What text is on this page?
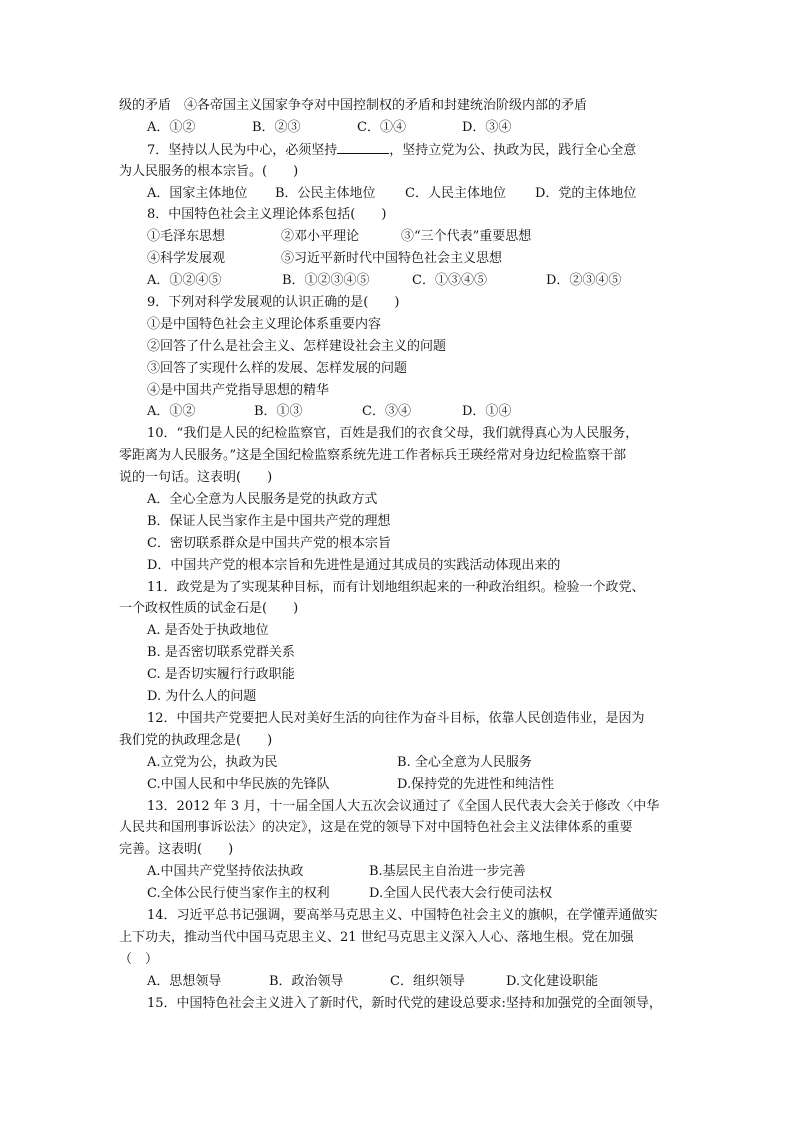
级的矛盾　④各帝国主义国家争夺对中国控制权的矛盾和封建统治阶级内部的矛盾
A．①②	B．②③	C．①④	D．③④
7．坚持以人民为中心，必须坚持	，坚持立党为公、执政为民，践行全心全意
为人民服务的根本宗旨。(　　)
A．国家主体地位	B．公民主体地位	C．人民主体地位	D．党的主体地位
8．中国特色社会主义理论体系包括(　　)
①毛泽东思想	②邓小平理论	③“三个代表”重要思想
④科学发展观	⑤习近平新时代中国特色社会主义思想
A．①②④⑤	B．①②③④⑤	C．①③④⑤	D．②③④⑤
9．下列对科学发展观的认识正确的是(　　)
①是中国特色社会主义理论体系重要内容
②回答了什么是社会主义、怎样建设社会主义的问题
③回答了实现什么样的发展、怎样发展的问题
④是中国共产党指导思想的精华
A．①②	B．①③	C．③④	D．①④
10．“我们是人民的纪检监察官，百姓是我们的衣食父母，我们就得真心为人民服务，
零距离为人民服务。”这是全国纪检监察系统先进工作者标兵王瑛经常对身边纪检监察干部
说的一句话。这表明(　　)
A．全心全意为人民服务是党的执政方式
B．保证人民当家作主是中国共产党的理想
C．密切联系群众是中国共产党的根本宗旨
D．中国共产党的根本宗旨和先进性是通过其成员的实践活动体现出来的
11．政党是为了实现某种目标，而有计划地组织起来的一种政治组织。检验一个政党、
一个政权性质的试金石是(　　)
A. 是否处于执政地位
B. 是否密切联系党群关系
C. 是否切实履行行政职能
D. 为什么人的问题
12．中国共产党要把人民对美好生活的向往作为奋斗目标，依靠人民创造伟业，是因为
我们党的执政理念是(　　)
A.立党为公，执政为民	B. 全心全意为人民服务
C.中国人民和中华民族的先锋队	D.保持党的先进性和纯洁性
13．2012 年 3 月，十一届全国人大五次会议通过了《全国人民代表大会关于修改〈中华
人民共和国刑事诉讼法〉的决定》，这是在党的领导下对中国特色社会主义法律体系的重要
完善。这表明(　　)
A.中国共产党坚持依法执政	B.基层民主自治进一步完善
C.全体公民行使当家作主的权利	D.全国人民代表大会行使司法权
14．习近平总书记强调，要高举马克思主义、中国特色社会主义的旗帜，在学懂弄通做实
上下功夫，推动当代中国马克思主义、21 世纪马克思主义深入人心、落地生根。党在加强
（　）
A．思想领导	B．政治领导	C．组织领导	D.文化建设职能
15．中国特色社会主义进入了新时代，新时代党的建设总要求:坚持和加强党的全面领导，
